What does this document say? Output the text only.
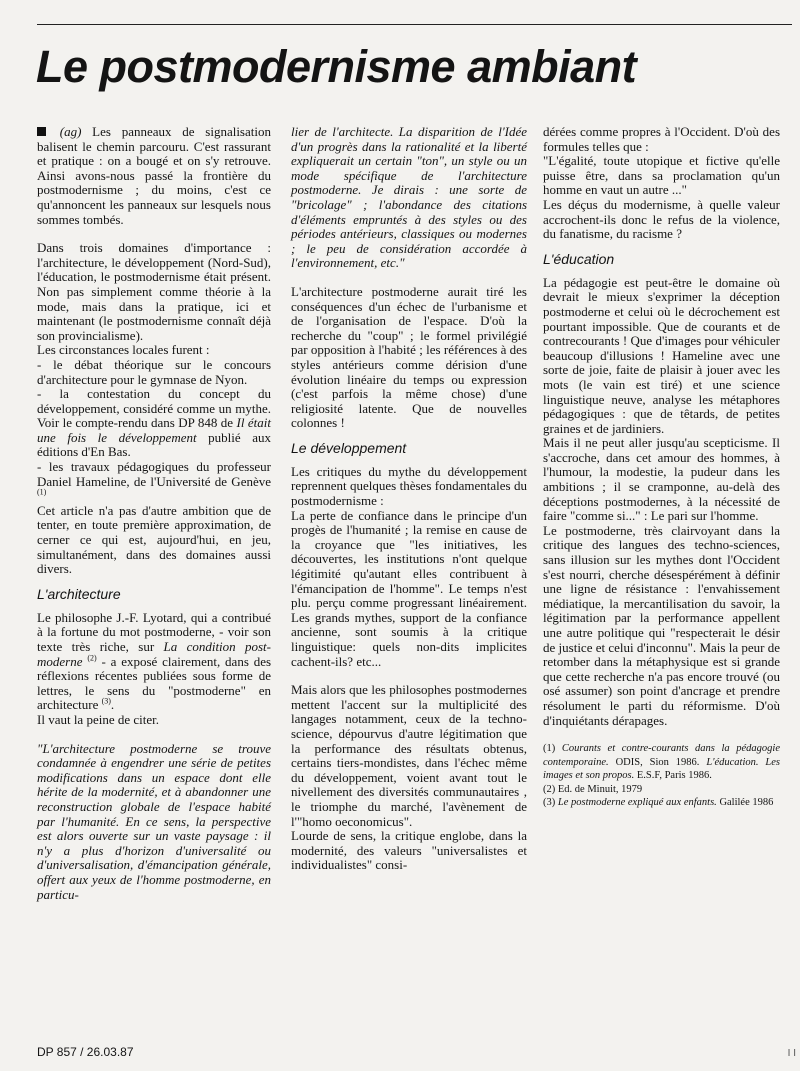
Le postmodernisme ambiant

(ag) Les panneaux de signalisation balisent le chemin parcouru. C'est rassurant et pratique : on a bougé et on s'y retrouve. Ainsi avons-nous passé la frontière du postmodernisme ; du moins, c'est ce qu'annoncent les panneaux sur lesquels nous sommes tombés.

Dans trois domaines d'importance : l'architecture, le développement (Nord-Sud), l'éducation, le postmodernisme était présent. Non pas simplement comme théorie à la mode, mais dans la pratique, ici et maintenant (le postmodernisme connaît déjà son provincialisme).

Les circonstances locales furent :

- le débat théorique sur le concours d'architecture pour le gymnase de Nyon.

- la contestation du concept du développement, considéré comme un mythe. Voir le compte-rendu dans DP 848 de Il était une fois le développement publié aux éditions d'En Bas.

- les travaux pédagogiques du professeur Daniel Hameline, de l'Université de Genève $^{(1)}$

Cet article n'a pas d'autre ambition que de tenter, en toute première approximation, de cerner ce qui est, aujourd'hui, en jeu, simultanément, dans des domaines aussi divers.

L'architecture

Le philosophe J.-F. Lyotard, qui a contribué à la fortune du mot postmoderne, - voir son texte très riche, sur La condition post-moderne $^{(2)}$ - a exposé clairement, dans des réflexions récentes publiées sous forme de lettres, le sens du "postmoderne" en architecture $^{(3)}$.

Il vaut la peine de citer.

"L'architecture postmoderne se trouve condamnée à engendrer une série de petites modifications dans un espace dont elle hérite de la modernité, et à abandonner une reconstruction globale de l'espace habité par l'humanité. En ce sens, la perspective est alors ouverte sur un vaste paysage : il n'y a plus d'horizon d'universalité ou d'universalisation, d'émancipation générale, offert aux yeux de l'homme postmoderne, en particu-

lier de l'architecte. La disparition de l'Idée d'un progrès dans la rationalité et la liberté expliquerait un certain "ton", un style ou un mode spécifique de l'architecture postmoderne. Je dirais : une sorte de "bricolage" ; l'abondance des citations d'éléments empruntés à des styles ou des périodes antérieurs, classiques ou modernes ; le peu de considération accordée à l'environnement, etc."

L'architecture postmoderne aurait tiré les conséquences d'un échec de l'urbanisme et de l'organisation de l'espace. D'où la recherche du "coup" ; le formel privilégié par opposition à l'habité ; les références à des styles antérieurs comme dérision d'une évolution linéaire du temps ou expression (c'est parfois la même chose) d'une religiosité latente. Que de nouvelles colonnes !

Le développement

Les critiques du mythe du développement reprennent quelques thèses fondamentales du postmodernisme :

La perte de confiance dans le principe d'un progès de l'humanité ; la remise en cause de la croyance que "les initiatives, les découvertes, les institutions n'ont quelque légitimité qu'autant elles contribuent à l'émancipation de l'homme". Le temps n'est plu. perçu comme progressant linéairement. Les grands mythes, support de la confiance ancienne, sont soumis à la critique linguistique: quels non-dits implicites cachent-ils? etc...

Mais alors que les philosophes postmodernes mettent l'accent sur la multiplicité des langages notamment, ceux de la techno-science, dépourvus d'autre légitimation que la performance des résultats obtenus, certains tiers-mondistes, dans l'échec même du développement, voient avant tout le nivellement des diversités communautaires , le triomphe du marché, l'avènement de l'"homo oeconomicus".

Lourde de sens, la critique englobe, dans la modernité, des valeurs "universalistes et individualistes" consi-

dérées comme propres à l'Occident. D'où des formules telles que :

"L'égalité, toute utopique et fictive qu'elle puisse être, dans sa proclamation qu'un homme en vaut un autre ..."

Les déçus du modernisme, à quelle valeur accrochent-ils donc le refus de la violence, du fanatisme, du racisme ?

L'éducation

La pédagogie est peut-être le domaine où devrait le mieux s'exprimer la déception postmoderne et celui où le décrochement est pourtant impossible. Que de courants et de contrecourants ! Que d'images pour véhiculer beaucoup d'illusions ! Hameline avec une sorte de joie, faite de plaisir à jouer avec les mots (le vain est tiré) et une science linguistique neuve, analyse les métaphores pédagogiques : que de têtards, de petites graines et de jardiniers.

Mais il ne peut aller jusqu'au scepticisme. Il s'accroche, dans cet amour des hommes, à l'humour, la modestie, la pudeur dans les ambitions ; il se cramponne, au-delà des déceptions postmodernes, à la nécessité de faire "comme si..." : Le pari sur l'homme.

Le postmoderne, très clairvoyant dans la critique des langues des techno-sciences, sans illusion sur les mythes dont l'Occident s'est nourri, cherche désespérément à définir une ligne de résistance : l'envahissement médiatique, la mercantilisation du savoir, la légitimation par la performance appellent une autre politique qui "respecterait le désir de justice et celui d'inconnu". Mais la peur de retomber dans la métaphysique est si grande que cette recherche n'a pas encore trouvé (ou osé assumer) son point d'ancrage et prendre résolument le parti du réformisme. D'où d'inquiétants dérapages.

(1) Courants et contre-courants dans la pédagogie contemporaine. ODIS, Sion 1986. L'éducation. Les images et son propos. E.S.F, Paris 1986.

(2) Ed. de Minuit, 1979

(3) Le postmoderne expliqué aux enfants. Galilée 1986

DP 857 / 26.03.87	I I
